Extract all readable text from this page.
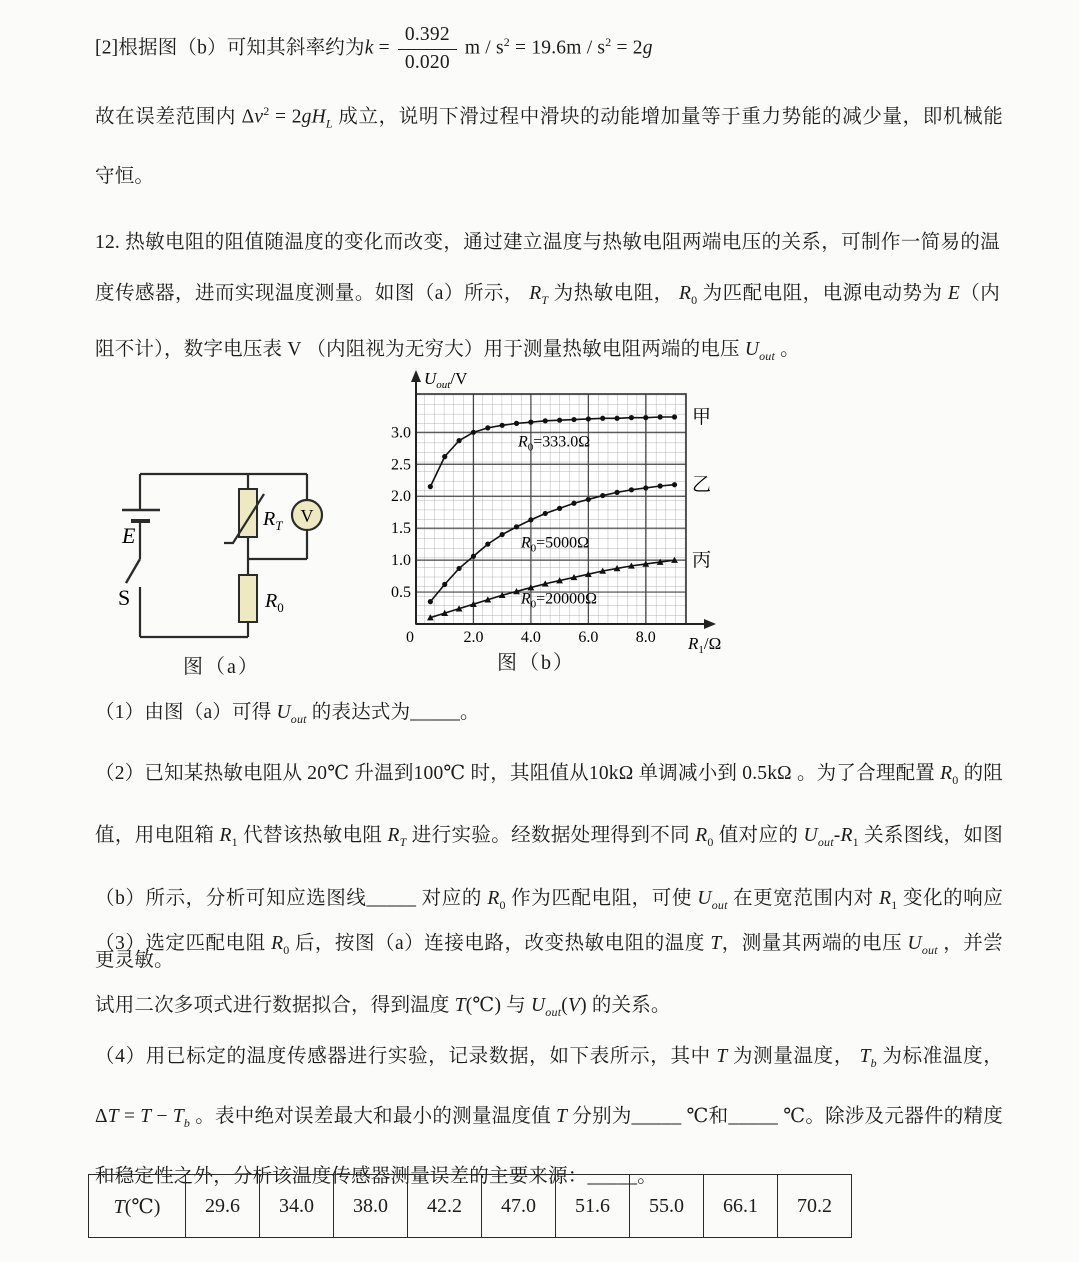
[2]根据图（b）可知其斜率约为$k = \frac{0.392}{0.020}$ $m / s^2 = 19.6m / s^2 = 2g$
故在误差范围内 $\Delta v^2 = 2gH_L$ 成立，说明下滑过程中滑块的动能增加量等于重力势能的减少量，即机械能守恒。
12. 热敏电阻的阻值随温度的变化而改变，通过建立温度与热敏电阻两端电压的关系，可制作一简易的温度传感器，进而实现温度测量。如图（a）所示， $R_T$ 为热敏电阻， $R_0$ 为匹配电阻，电源电动势为 E（内阻不计），数字电压表 V （内阻视为无穷大）用于测量热敏电阻两端的电压 $U_{out}$ 。
V
E
S
$R_T$
$R_0$
图（a）
$U_{out}/V$
$R_1/\Omega$
2.0 4.0 6.0 8.0
0
0.5
1.0
1.5
2.0
2.5
3.0
甲
$R_0=333.0\Omega$
乙
$R_0=5000\Omega$
丙
$R_0=20000\Omega$
图（b）
（1）由图（a）可得 $U_{out}$ 的表达式为_____。
（2）已知某热敏电阻从 20℃ 升温到100℃ 时，其阻值从10kΩ 单调减小到 0.5kΩ 。为了合理配置 $R_0$ 的阻值，用电阻箱 $R_1$ 代替该热敏电阻 $R_T$ 进行实验。经数据处理得到不同 $R_0$ 值对应的 $U_{out}-R_1$ 关系图线，如图（b）所示，分析可知应选图线_____ 对应的 $R_0$ 作为匹配电阻，可使 $U_{out}$ 在更宽范围内对 $R_1$ 变化的响应更灵敏。
（3）选定匹配电阻 $R_0$ 后，按图（a）连接电路，改变热敏电阻的温度 T，测量其两端的电压 $U_{out}$ ，并尝试用二次多项式进行数据拟合，得到温度 T(℃) 与 $U_{out}(V)$ 的关系。
（4）用已标定的温度传感器进行实验，记录数据，如下表所示，其中 T 为测量温度， $T_b$ 为标准温度，$\Delta T = T - T_b$ 。表中绝对误差最大和最小的测量温度值 T 分别为_____ ℃和_____ ℃。除涉及元器件的精度和稳定性之外，分析该温度传感器测量误差的主要来源：_____。
T(℃)	29.6	34.0	38.0	42.2	47.0	51.6	55.0	66.1	70.2
